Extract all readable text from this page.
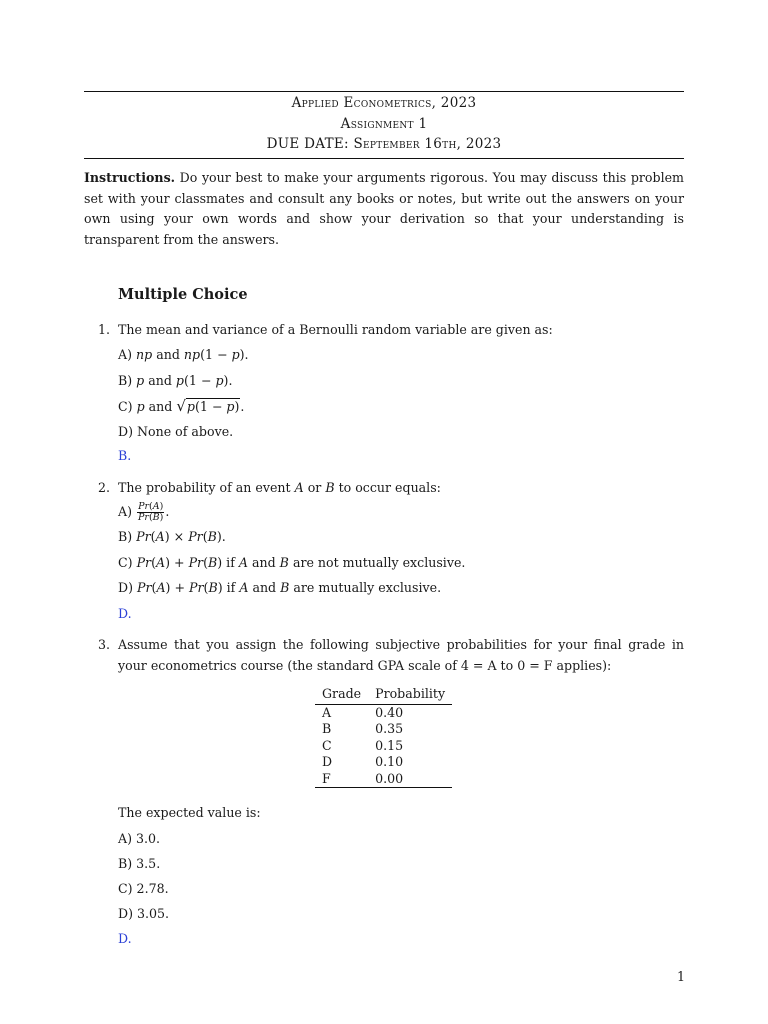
Applied Econometrics, 2023
Assignment 1
DUE DATE: September 16th, 2023
Instructions. Do your best to make your arguments rigorous. You may discuss this problem set with your classmates and consult any books or notes, but write out the answers on your own using your own words and show your derivation so that your understanding is transparent from the answers.
Multiple Choice
1. The mean and variance of a Bernoulli random variable are given as:
A) np and np(1 − p).
B) p and p(1 − p).
C) p and √p(1 − p).
D) None of above.
B.
2. The probability of an event A or B to occur equals:
$A) \frac{Pr(A)}{Pr(B)}$ .
B) Pr(A) × Pr(B).
C) Pr(A) + Pr(B) if A and B are not mutually exclusive.
D) Pr(A) + Pr(B) if A and B are mutually exclusive.
D.
3. Assume that you assign the following subjective probabilities for your final grade in your econometrics course (the standard GPA scale of 4 = A to 0 = F applies):
Grade	Probability
A	0.40
B	0.35
C	0.15
D	0.10
F	0.00
The expected value is:
A) 3.0.
B) 3.5.
C) 2.78.
D) 3.05.
D.
1
